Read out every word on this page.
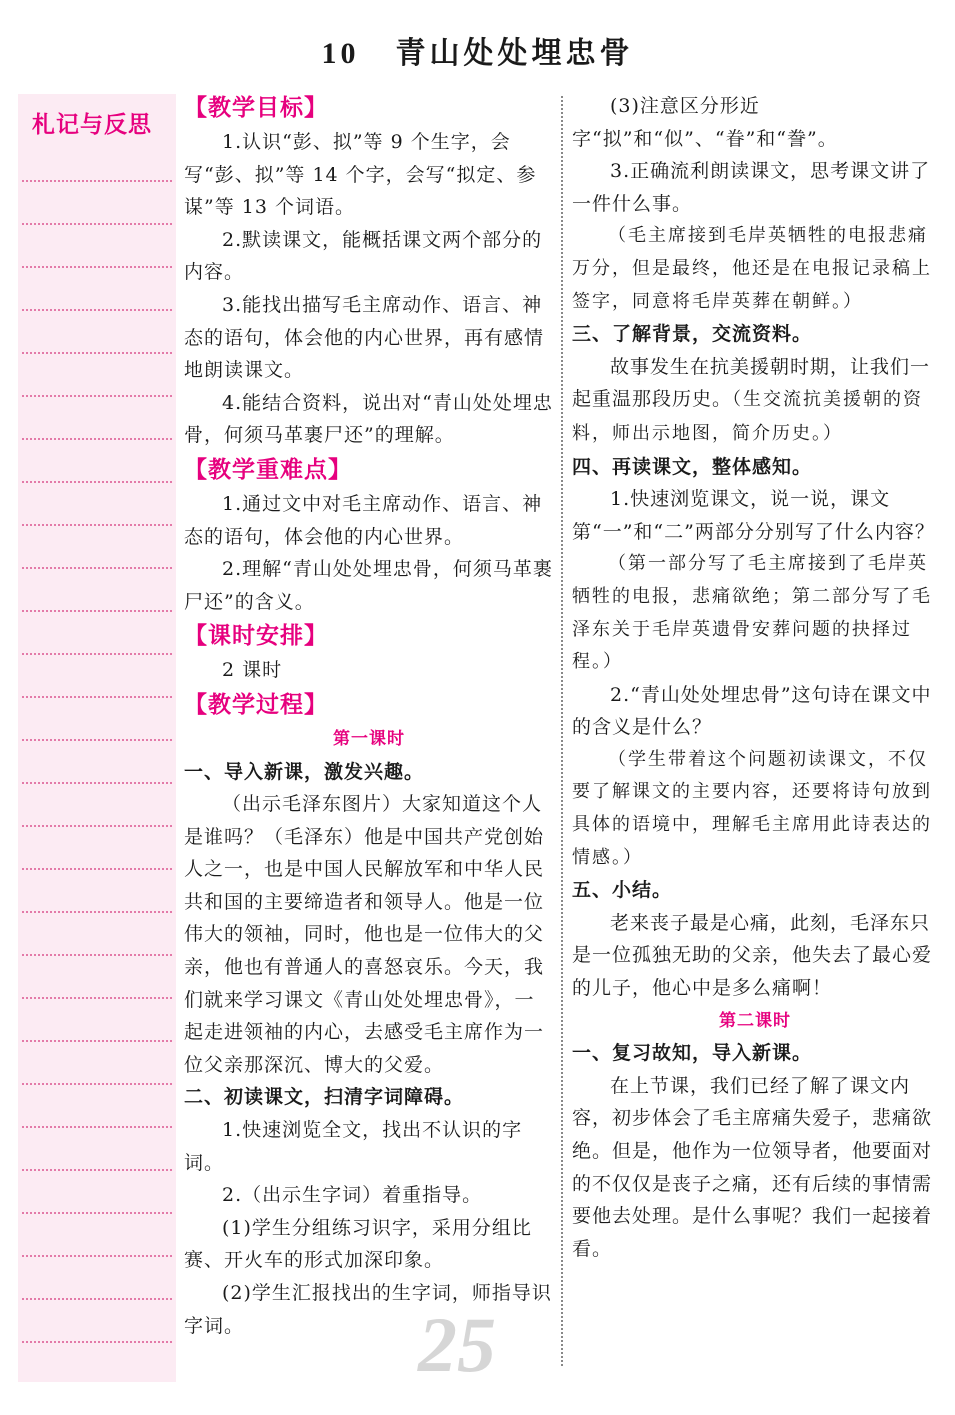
10 青山处处埋忠骨
札记与反思

【教学目标】

1.认识“彭、拟”等 9 个生字，会写“彭、拟”等 14 个字，会写“拟定、参谋”等 13 个词语。

2.默读课文，能概括课文两个部分的内容。

3.能找出描写毛主席动作、语言、神态的语句，体会他的内心世界，再有感情地朗读课文。

4.能结合资料，说出对“青山处处埋忠骨，何须马革裹尸还”的理解。

【教学重难点】

1.通过文中对毛主席动作、语言、神态的语句，体会他的内心世界。

2.理解“青山处处埋忠骨，何须马革裹尸还”的含义。

【课时安排】

2 课时

【教学过程】

第一课时

一、导入新课，激发兴趣。

（出示毛泽东图片）大家知道这个人是谁吗？（毛泽东）他是中国共产党创始人之一，也是中国人民解放军和中华人民共和国的主要缔造者和领导人。他是一位伟大的领袖，同时，他也是一位伟大的父亲，他也有普通人的喜怒哀乐。今天，我们就来学习课文《青山处处埋忠骨》，一起走进领袖的内心，去感受毛主席作为一位父亲那深沉、博大的父爱。

二、初读课文，扫清字词障碍。

1.快速浏览全文，找出不认识的字词。

2.（出示生字词）着重指导。

(1)学生分组练习识字，采用分组比赛、开火车的形式加深印象。

(2)学生汇报找出的生字词，师指导识字词。

(3)注意区分形近字“拟”和“似”、“眷”和“誊”。

3.正确流利朗读课文，思考课文讲了一件什么事。

（毛主席接到毛岸英牺牲的电报悲痛万分，但是最终，他还是在电报记录稿上签字，同意将毛岸英葬在朝鲜。）

三、了解背景，交流资料。

故事发生在抗美援朝时期，让我们一起重温那段历史。（生交流抗美援朝的资料，师出示地图，简介历史。）

四、再读课文，整体感知。

1.快速浏览课文，说一说，课文第“一”和“二”两部分分别写了什么内容？

（第一部分写了毛主席接到了毛岸英牺牲的电报，悲痛欲绝；第二部分写了毛泽东关于毛岸英遗骨安葬问题的抉择过程。）

2.“青山处处埋忠骨”这句诗在课文中的含义是什么？

（学生带着这个问题初读课文，不仅要了解课文的主要内容，还要将诗句放到具体的语境中，理解毛主席用此诗表达的情感。）

五、小结。

老来丧子最是心痛，此刻，毛泽东只是一位孤独无助的父亲，他失去了最心爱的儿子，他心中是多么痛啊！

第二课时

一、复习故知，导入新课。

在上节课，我们已经了解了课文内容，初步体会了毛主席痛失爱子，悲痛欲绝。但是，他作为一位领导者，他要面对的不仅仅是丧子之痛，还有后续的事情需要他去处理。是什么事呢？我们一起接着看。

25
